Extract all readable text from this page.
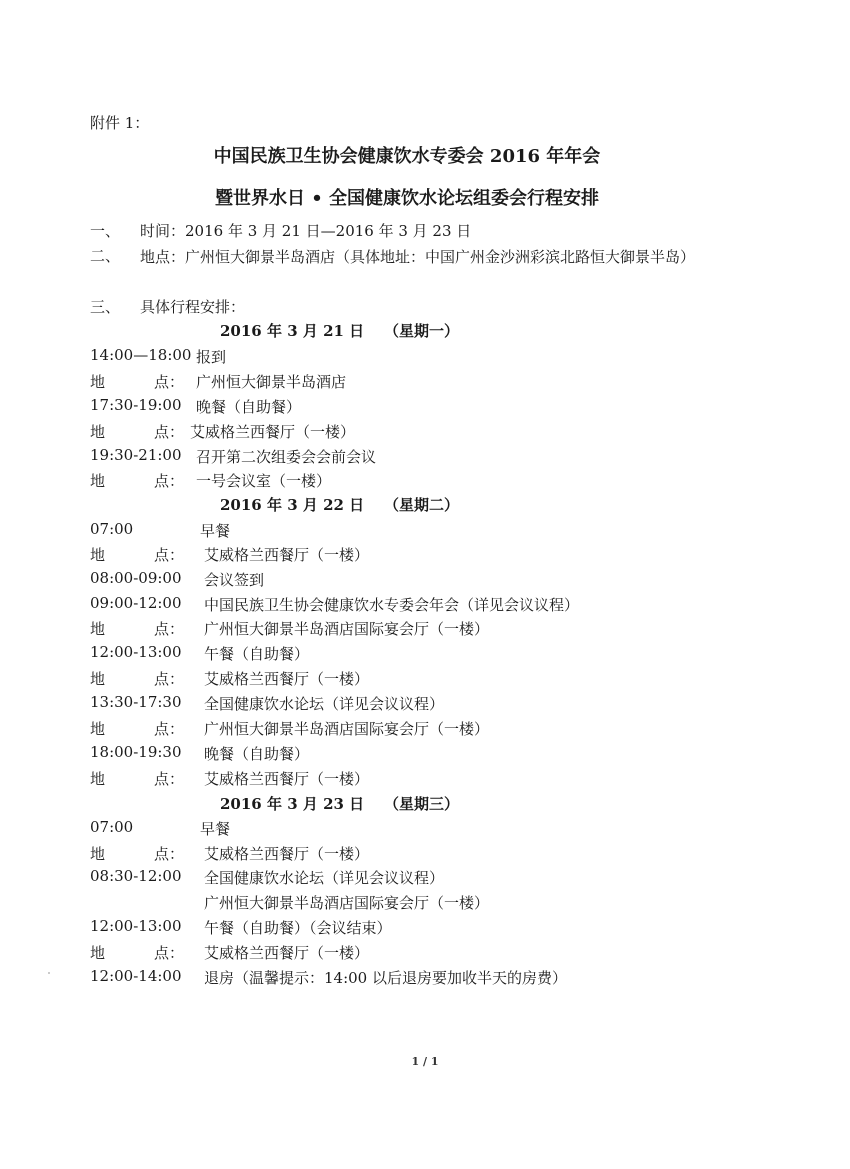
附件 1：
中国民族卫生协会健康饮水专委会 2016 年年会
暨世界水日 • 全国健康饮水论坛组委会行程安排
一、 时间：2016 年 3 月 21 日—2016 年 3 月 23 日
二、 地点：广州恒大御景半岛酒店（具体地址：中国广州金沙洲彩滨北路恒大御景半岛）
三、 具体行程安排：
2016 年 3 月 21 日 （星期一）
14:00—18:00 报到
地	点： 广州恒大御景半岛酒店
17:30-19:00 晚餐（自助餐）
地	点： 艾威格兰西餐厅（一楼）
19:30-21:00 召开第二次组委会会前会议
地	点： 一号会议室（一楼）
2016 年 3 月 22 日 （星期二）
07:00	早餐
地	点： 艾威格兰西餐厅（一楼）
08:00-09:00 会议签到
09:00-12:00 中国民族卫生协会健康饮水专委会年会（详见会议议程）
地	点： 广州恒大御景半岛酒店国际宴会厅（一楼）
12:00-13:00 午餐（自助餐）
地	点： 艾威格兰西餐厅（一楼）
13:30-17:30 全国健康饮水论坛（详见会议议程）
地	点： 广州恒大御景半岛酒店国际宴会厅（一楼）
18:00-19:30 晚餐（自助餐）
地	点： 艾威格兰西餐厅（一楼）
2016 年 3 月 23 日 （星期三）
07:00	早餐
地	点： 艾威格兰西餐厅（一楼）
08:30-12:00 全国健康饮水论坛（详见会议议程）
广州恒大御景半岛酒店国际宴会厅（一楼）
12:00-13:00 午餐（自助餐）（会议结束）
地	点： 艾威格兰西餐厅（一楼）
12:00-14:00 退房（温馨提示：14:00 以后退房要加收半天的房费）
1 / 1
